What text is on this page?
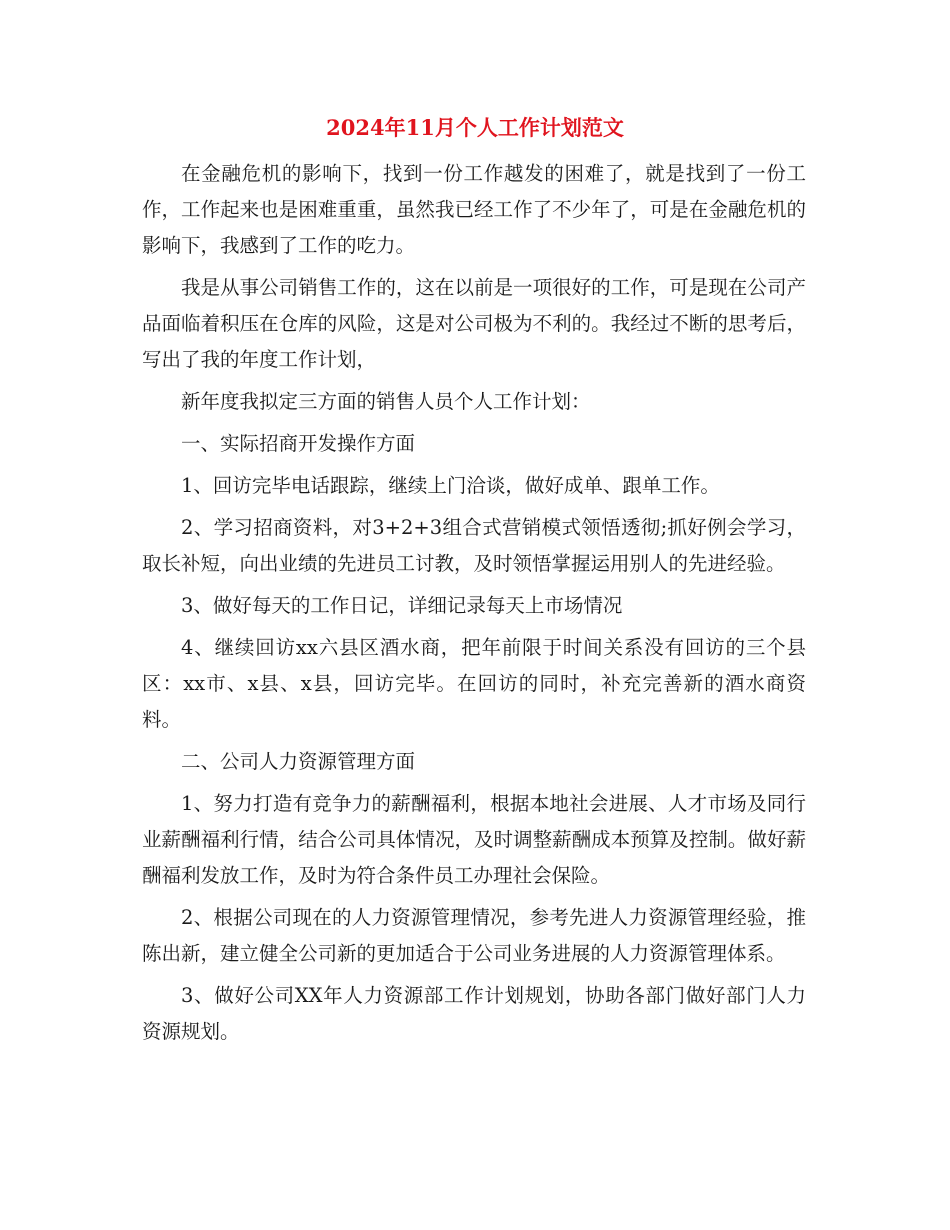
2024年11月个人工作计划范文

在金融危机的影响下，找到一份工作越发的困难了，就是找到了一份工作，工作起来也是困难重重，虽然我已经工作了不少年了，可是在金融危机的影响下，我感到了工作的吃力。

我是从事公司销售工作的，这在以前是一项很好的工作，可是现在公司产品面临着积压在仓库的风险，这是对公司极为不利的。我经过不断的思考后，写出了我的年度工作计划，

新年度我拟定三方面的销售人员个人工作计划：

一、实际招商开发操作方面

1、回访完毕电话跟踪，继续上门洽谈，做好成单、跟单工作。

2、学习招商资料，对3+2+3组合式营销模式领悟透彻;抓好例会学习，取长补短，向出业绩的先进员工讨教，及时领悟掌握运用别人的先进经验。

3、做好每天的工作日记，详细记录每天上市场情况

4、继续回访xx六县区酒水商，把年前限于时间关系没有回访的三个县区：xx市、x县、x县，回访完毕。在回访的同时，补充完善新的酒水商资料。

二、公司人力资源管理方面

1、努力打造有竞争力的薪酬福利，根据本地社会进展、人才市场及同行业薪酬福利行情，结合公司具体情况，及时调整薪酬成本预算及控制。做好薪酬福利发放工作，及时为符合条件员工办理社会保险。

2、根据公司现在的人力资源管理情况，参考先进人力资源管理经验，推陈出新，建立健全公司新的更加适合于公司业务进展的人力资源管理体系。

3、做好公司XX年人力资源部工作计划规划，协助各部门做好部门人力资源规划。
